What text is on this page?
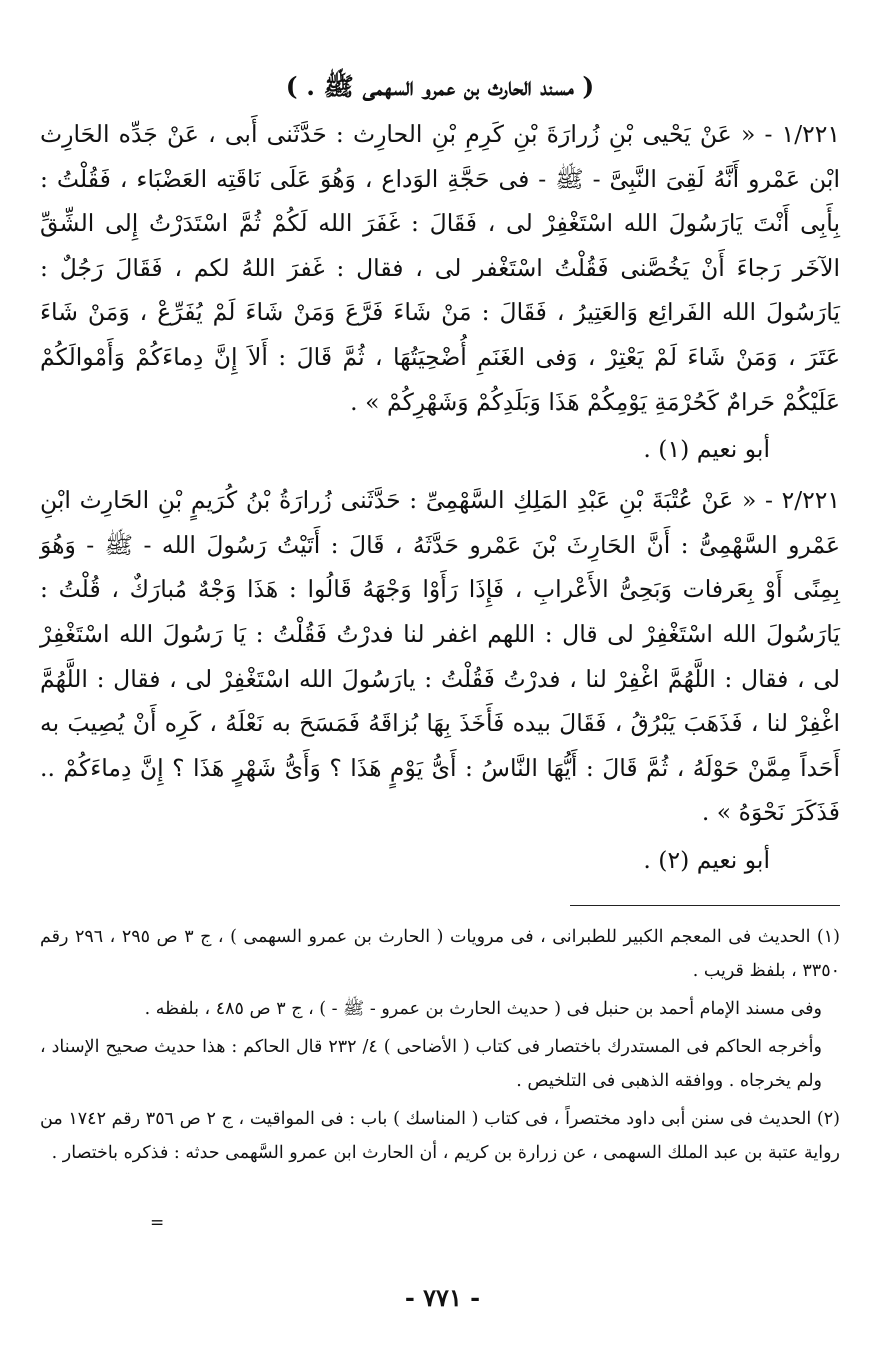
( مسند الحارث بن عمرو السهمى ﷺ . )

١/٢٢١ - « عَنْ يَحْيى بْنِ زُرارَةَ بْنِ كَرِمِ بْنِ الحارِث : حَدَّثَنى أَبى ، عَنْ جَدِّه الحَارِث ابْن عَمْرو أَنَّهُ لَقِىَ النَّبِىَّ - ﷺ - فى حَجَّةِ الوَداع ، وَهُوَ عَلَى نَاقَتِه العَضْبَاء ، فَقُلْتُ : بِأَبِى أَنْتَ يَارَسُولَ الله اسْتَغْفِرْ لى ، فَقَالَ : غَفَرَ الله لَكُمْ ثُمَّ اسْتَدَرْتُ إِلى الشِّقِّ الآخَر رَجاءَ أَنْ يَخُصَّنى فَقُلْتُ اسْتَغْفر لى ، فقال : غَفرَ اللهُ لكم ، فَقَالَ رَجُلٌ : يَارَسُولَ الله الفَرائِع وَالعَتِيرُ ، فَقَالَ : مَنْ شَاءَ فَرَّعَ وَمَنْ شَاءَ لَمْ يُفَرِّعْ ، وَمَنْ شَاءَ عَتَرَ ، وَمَنْ شَاءَ لَمْ يَعْتِرْ ، وَفى الغَنَمِ أُضْحِيَتُهَا ، ثُمَّ قَالَ : أَلاَ إِنَّ دِماءَكُمْ وَأَمْوالَكُمْ عَلَيْكُمْ حَرامٌ كَحُرْمَةِ يَوْمِكُمْ هَذَا وَبَلَدِكُمْ وَشَهْرِكُمْ » .

أبو نعيم (١) .

٢/٢٢١ - « عَنْ عُتْبَةَ بْنِ عَبْدِ المَلِكِ السَّهْمِىِّ : حَدَّثَنى زُرارَةُ بْنُ كُرَيمٍ بْنِ الحَارِث ابْنِ عَمْرو السَّهْمِىُّ : أَنَّ الحَارِثَ بْنَ عَمْرو حَدَّثَهُ ، قَالَ : أَتَيْتُ رَسُولَ الله - ﷺ - وَهُوَ بِمِنًى أَوْ بِعَرفات وَبَحِىُّ الأَعْرابِ ، فَإِذَا رَأَوْا وَجْهَهُ قَالُوا : هَذَا وَجْهٌ مُبارَكٌ ، قُلْتُ : يَارَسُولَ الله اسْتَغْفِرْ لى قال : اللهم اغفر لنا فدرْتُ فَقُلْتُ : يَا رَسُولَ الله اسْتَغْفِرْ لى ، فقال : اللَّهُمَّ اغْفِرْ لنا ، فدرْتُ فَقُلْتُ : يارَسُولَ الله اسْتَغْفِرْ لى ، فقال : اللَّهُمَّ اغْفِرْ لنا ، فَذَهَبَ يَبْرُقُ ، فَقَالَ بيده فَأَخَذَ بِهَا بُزاقَهُ فَمَسَحَ به نَعْلَهُ ، كَرِه أَنْ يُصِيبَ به أَحَداً مِمَّنْ حَوْلَهُ ، ثُمَّ قَالَ : أَيُّهَا النَّاسُ : أَىُّ يَوْمٍ هَذَا ؟ وَأَىُّ شَهْرٍ هَذَا ؟ إِنَّ دِماءَكُمْ .. فَذَكَرَ نَحْوَهُ » .

أبو نعيم (٢) .

(١) الحديث فى المعجم الكبير للطبرانى ، فى مرويات ( الحارث بن عمرو السهمى ) ، ج ٣ ص ٢٩٥ ، ٢٩٦ رقم ٣٣٥٠ ، بلفظ قريب .

وفى مسند الإمام أحمد بن حنبل فى ( حديث الحارث بن عمرو - ﷺ - ) ، ج ٣ ص ٤٨٥ ، بلفظه .

وأخرجه الحاكم فى المستدرك باختصار فى كتاب ( الأضاحى ) ٤/ ٢٣٢ قال الحاكم : هذا حديث صحيح الإسناد ، ولم يخرجاه . ووافقه الذهبى فى التلخيص .

(٢) الحديث فى سنن أبى داود مختصراً ، فى كتاب ( المناسك ) باب : فى المواقيت ، ج ٢ ص ٣٥٦ رقم ١٧٤٢ من رواية عتبة بن عبد الملك السهمى ، عن زرارة بن كريم ، أن الحارث ابن عمرو السَّهمى حدثه : فذكره باختصار .

=
- ٧٧١ -
